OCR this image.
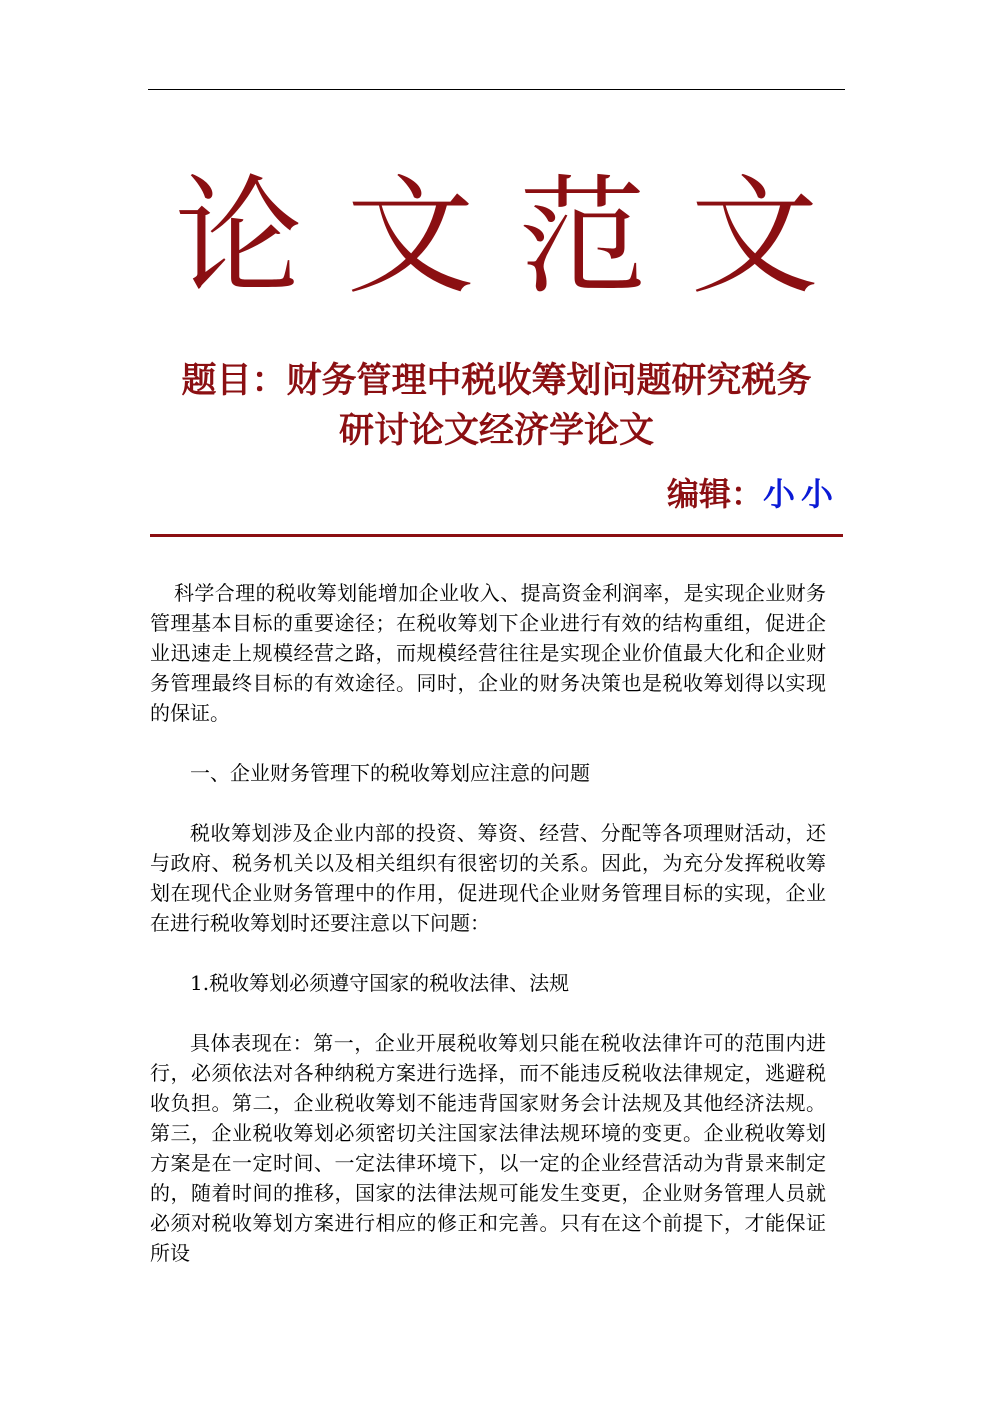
论文范文
题目：财务管理中税收筹划问题研究税务
研讨论文经济学论文
编辑：小小

科学合理的税收筹划能增加企业收入、提高资金利润率，是实现企业财务管理基本目标的重要途径；在税收筹划下企业进行有效的结构重组，促进企业迅速走上规模经营之路，而规模经营往往是实现企业价值最大化和企业财务管理最终目标的有效途径。同时，企业的财务决策也是税收筹划得以实现的保证。

一、企业财务管理下的税收筹划应注意的问题

税收筹划涉及企业内部的投资、筹资、经营、分配等各项理财活动，还与政府、税务机关以及相关组织有很密切的关系。因此，为充分发挥税收筹划在现代企业财务管理中的作用，促进现代企业财务管理目标的实现，企业在进行税收筹划时还要注意以下问题：

1.税收筹划必须遵守国家的税收法律、法规

具体表现在：第一，企业开展税收筹划只能在税收法律许可的范围内进行，必须依法对各种纳税方案进行选择，而不能违反税收法律规定，逃避税收负担。第二，企业税收筹划不能违背国家财务会计法规及其他经济法规。第三，企业税收筹划必须密切关注国家法律法规环境的变更。企业税收筹划方案是在一定时间、一定法律环境下，以一定的企业经营活动为背景来制定的，随着时间的推移，国家的法律法规可能发生变更，企业财务管理人员就必须对税收筹划方案进行相应的修正和完善。只有在这个前提下，才能保证所设
